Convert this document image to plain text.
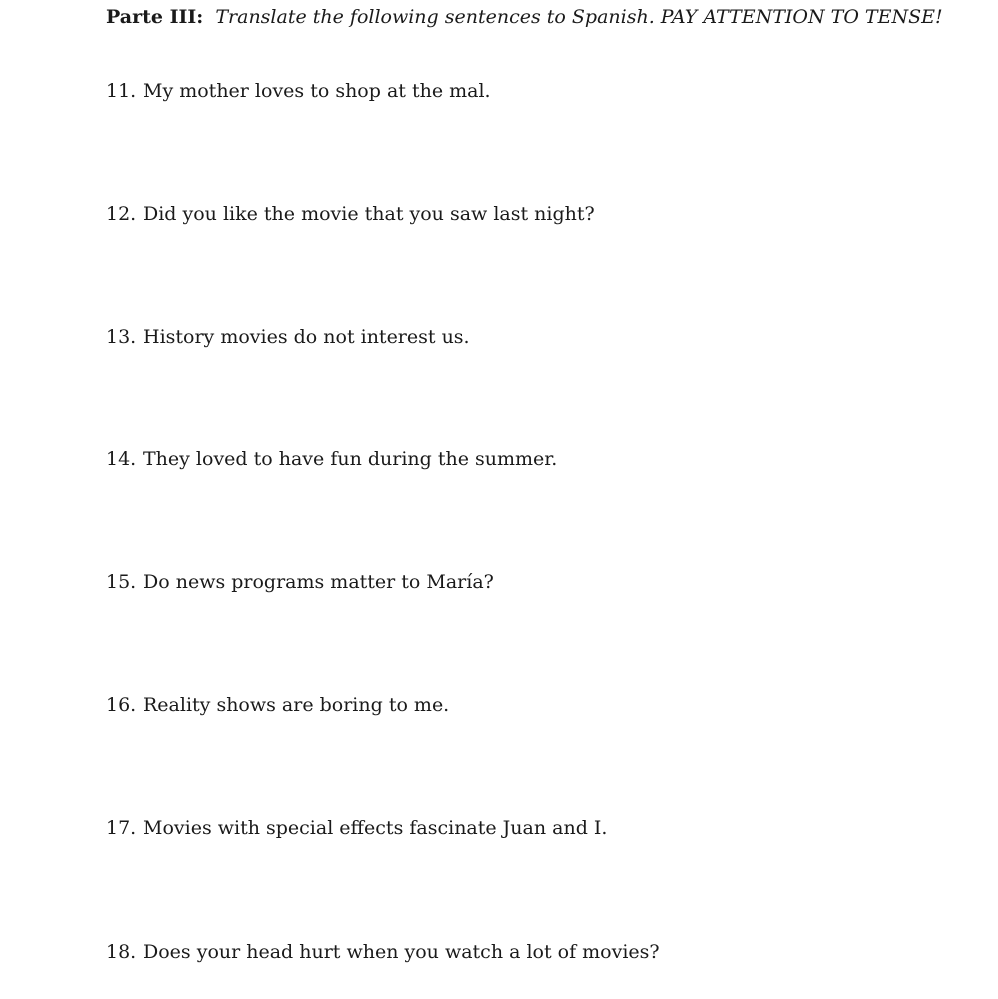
Parte III: Translate the following sentences to Spanish. PAY ATTENTION TO TENSE!
11. My mother loves to shop at the mal.
12. Did you like the movie that you saw last night?
13. History movies do not interest us.
14. They loved to have fun during the summer.
15. Do news programs matter to María?
16. Reality shows are boring to me.
17. Movies with special effects fascinate Juan and I.
18. Does your head hurt when you watch a lot of movies?
